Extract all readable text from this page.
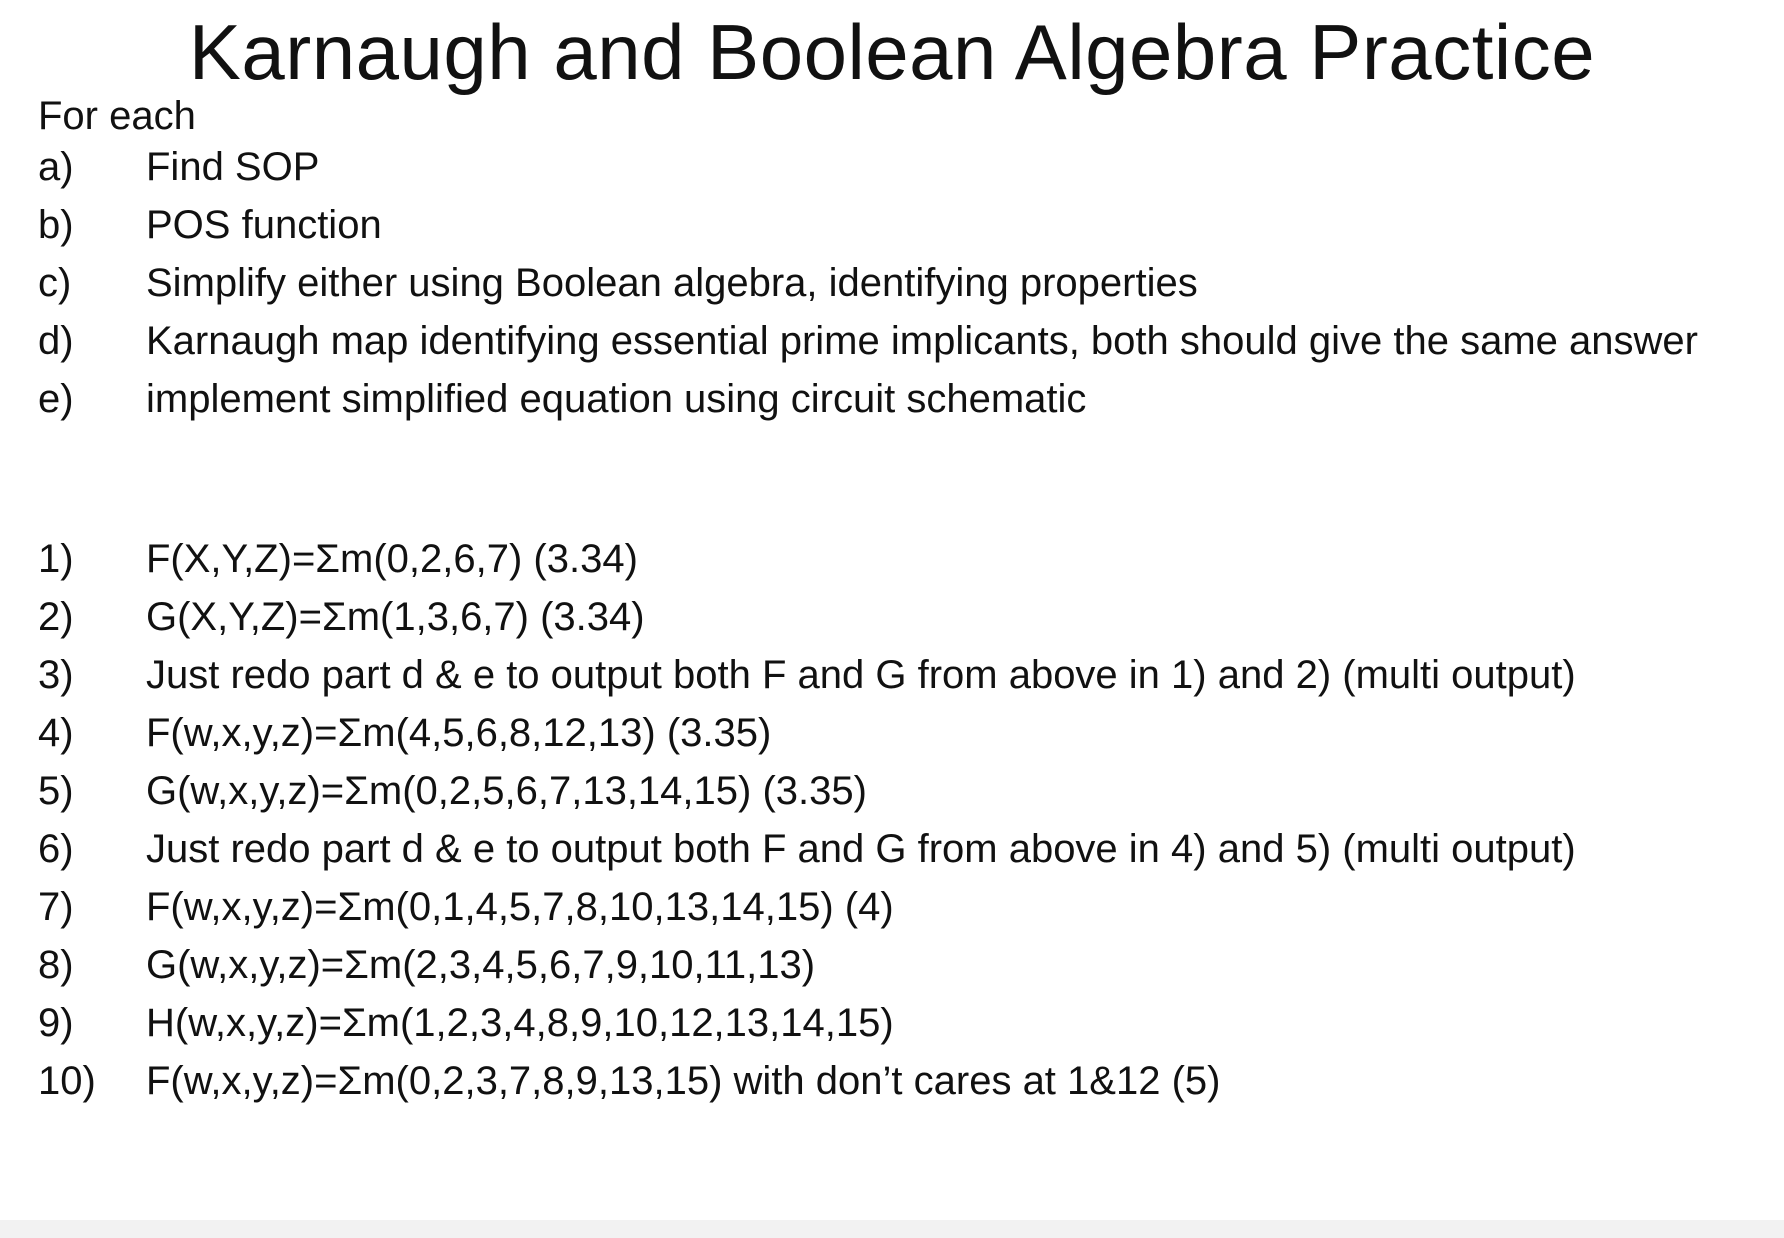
Karnaugh and Boolean Algebra Practice
For each
a)	Find SOP
b)	POS function
c)	Simplify either using Boolean algebra, identifying properties
d)	Karnaugh map identifying essential prime implicants, both should give the same answer
e)	implement simplified equation using circuit schematic
1)	F(X,Y,Z)=Σm(0,2,6,7) (3.34)
2)	G(X,Y,Z)=Σm(1,3,6,7) (3.34)
3)	Just redo part d & e to output both F and G from above in 1) and 2) (multi output)
4)	F(w,x,y,z)=Σm(4,5,6,8,12,13) (3.35)
5)	G(w,x,y,z)=Σm(0,2,5,6,7,13,14,15) (3.35)
6)	Just redo part d & e to output both F and G from above in 4) and 5) (multi output)
7)	F(w,x,y,z)=Σm(0,1,4,5,7,8,10,13,14,15) (4)
8)	G(w,x,y,z)=Σm(2,3,4,5,6,7,9,10,11,13)
9)	H(w,x,y,z)=Σm(1,2,3,4,8,9,10,12,13,14,15)
10)	F(w,x,y,z)=Σm(0,2,3,7,8,9,13,15) with don’t cares at 1&12 (5)
